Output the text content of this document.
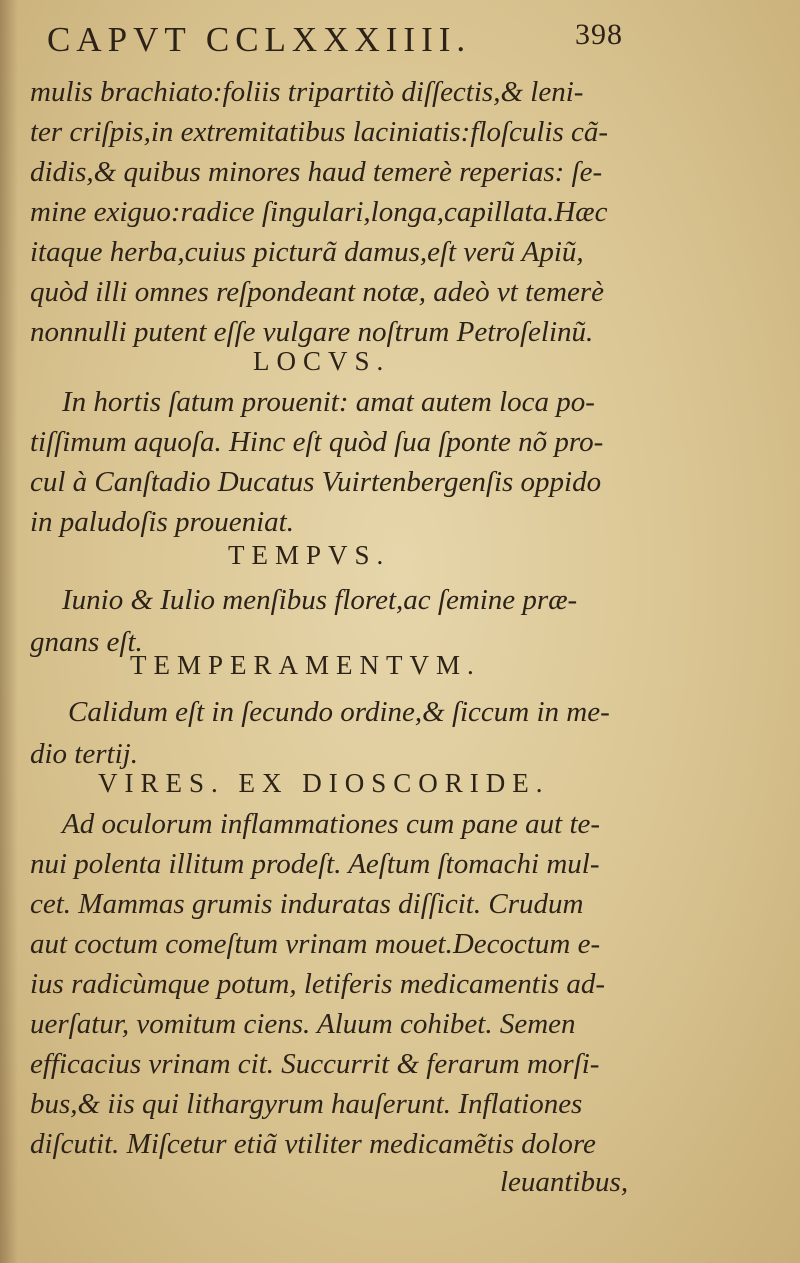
CAPVT CCLXXXIIII.	398
mulis brachiato:foliis tripartitò diſſectis,& leni-
ter criſpis,in extremitatibus laciniatis:floſculis cã-
didis,& quibus minores haud temerè reperias: ſe-
mine exiguo:radice ſingulari,longa,capillata.Hæc
itaque herba,cuius picturã damus,eſt verũ Apiũ,
quòd illi omnes reſpondeant notæ, adeò vt temerè
nonnulli putent eſſe vulgare noſtrum Petroſelinũ.
LOCVS.
In hortis ſatum prouenit: amat autem loca po-
tiſſimum aquoſa. Hinc eſt quòd ſua ſponte nõ pro-
cul à Canſtadio Ducatus Vuirtenbergenſis oppido
in paludoſis proueniat.
TEMPVS.
Iunio & Iulio menſibus floret,ac ſemine præ-
gnans eſt.
TEMPERAMENTVM.
Calidum eſt in ſecundo ordine,& ſiccum in me-
dio tertij.
VIRES. EX DIOSCORIDE.
Ad oculorum inflammationes cum pane aut te-
nui polenta illitum prodeſt. Aeſtum ſtomachi mul-
cet. Mammas grumis induratas diſſicit. Crudum
aut coctum comeſtum vrinam mouet.Decoctum e-
ius radicùmque potum, letiferis medicamentis ad-
uerſatur, vomitum ciens. Aluum cohibet. Semen
efficacius vrinam cit. Succurrit & ferarum morſi-
bus,& iis qui lithargyrum hauſerunt. Inflationes
diſcutit. Miſcetur etiã vtiliter medicamẽtis dolore
leuantibus,
